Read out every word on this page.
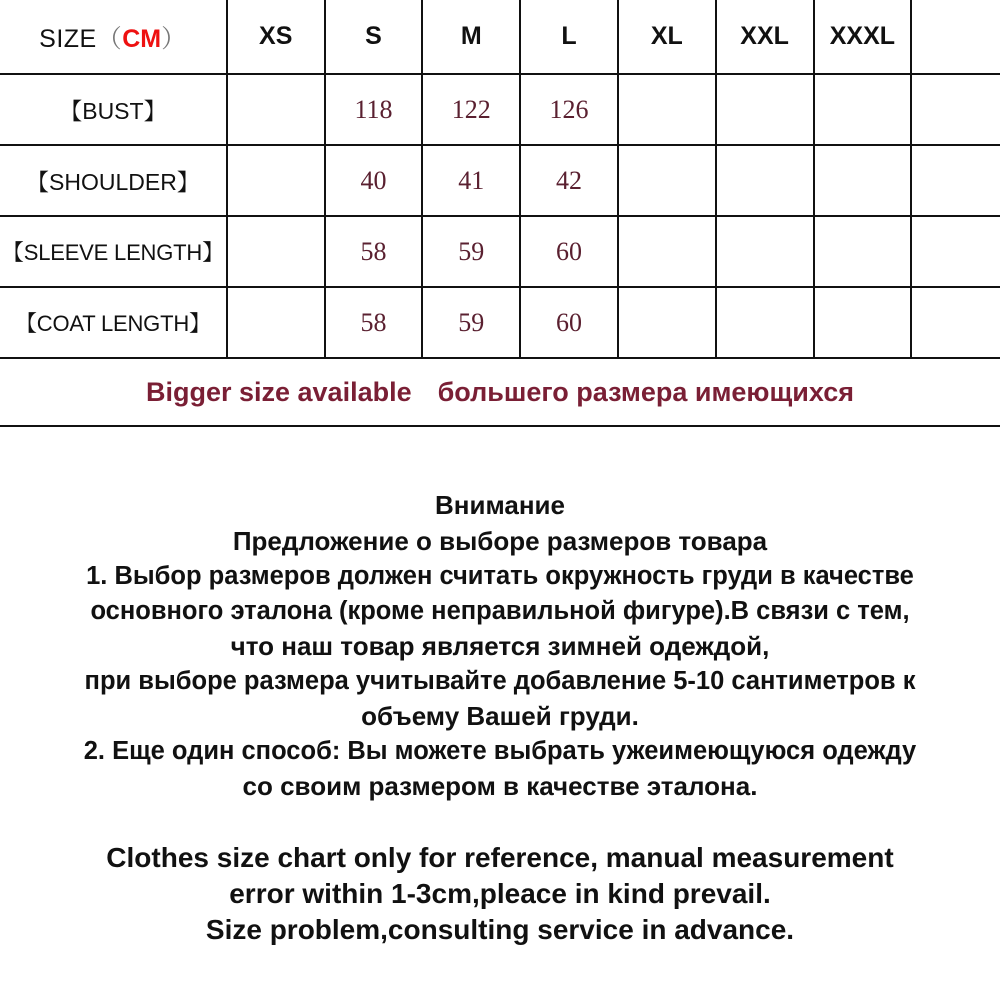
SIZE（CM）	XS	S	M	L	XL	XXL	XXXL	
【BUST】		118	122	126				
【SHOULDER】		40	41	42				
【SLEEVE LENGTH】		58	59	60				
【COAT LENGTH】		58	59	60				
Bigger size available большего размера имеющихся								
Внимание
Предложение о выборе размеров товара
1. Выбор размеров должен считать окружность груди в качестве
основного эталона (кроме неправильной фигуре).В связи с тем,
что наш товар является зимней одеждой,
при выборе размера учитывайте добавление 5-10 сантиметров к
объему Вашей груди.
2. Еще один способ: Вы можете выбрать ужеимеющуюся одежду
со своим размером в качестве эталона.
Clothes size chart only for reference, manual measurement
error within 1-3cm,pleace in kind prevail.
Size problem,consulting service in advance.
